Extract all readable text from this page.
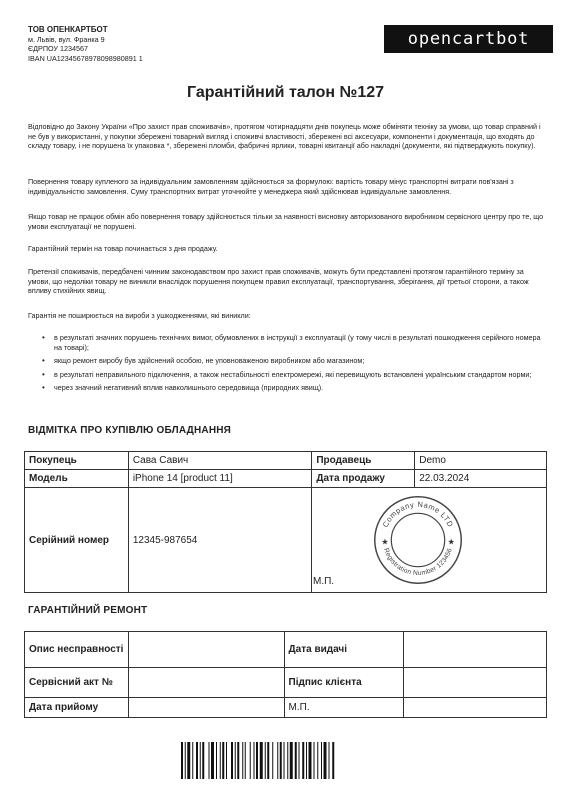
ТОВ ОПЕНКАРТБОТ
м. Львів, вул. Франка 9
ЄДРПОУ 1234567
IBAN UA12345678978098980891 1
opencartbot
Гарантійний талон №127

Відповідно до Закону України «Про захист прав споживачів», протягом чотирнадцяти днів покупець може обміняти техніку за умови, що товар справний і не був у використанні, у покупки збережені товарний вигляд і споживчі властивості, збережені всі аксесуари, компоненти і документація, що входять до складу товару, і не порушена їх упаковка *, збережені пломби, фабричні ярлики, товарні квитанції або накладні (документи, які підтверджують покупку).

Повернення товару купленого за індивідуальним замовленням здійснюється за формулою: вартість товару мінус транспортні витрати пов'язані з індивідуальністю замовлення. Суму транспортних витрат уточнюйте у менеджера який здійснював індивідуальне замовлення.

Якщо товар не працює обмін або повернення товару здійснюється тільки за наявності висновку авторизованого виробником сервісного центру про те, що умови експлуатації не порушені.

Гарантійний термін на товар починається з дня продажу.

Претензії споживачів, передбачені чинним законодавством про захист прав споживачів, можуть бути представлені протягом гарантійного терміну за умови, що недоліки товару не виникли внаслідок порушення покупцем правил експлуатації, транспортування, зберігання, дії третьої сторони, а також впливу стихійних явищ.

Гарантія не поширюється на вироби з ушкодженнями, які виникли:

• в результаті значних порушень технічних вимог, обумовлених в інструкції з експлуатації (у тому числі в результаті пошкодження серійного номера на товарі);
• якщо ремонт виробу був здійснений особою, не уповноваженою виробником або магазином;
• в результаті неправильного підключення, а також нестабільності електромережі, які перевищують встановлені українським стандартом норми;
• через значний негативний вплив навколишнього середовища (природних явищ).
ВІДМІТКА ПРО КУПІВЛЮ ОБЛАДНАННЯ
Покупець	Сава Савич	Продавець	Demo
Модель	iPhone 14 [product 11]	Дата продажу	22.03.2024
Серійний номер	12345-987654		
Company Name LTD
Registration Number 123456
★	★
М.П.
ГАРАНТІЙНИЙ РЕМОНТ
Опис несправності		Дата видачі	
Сервісний акт №		Підпис клієнта	
Дата прийому		М.П.	
